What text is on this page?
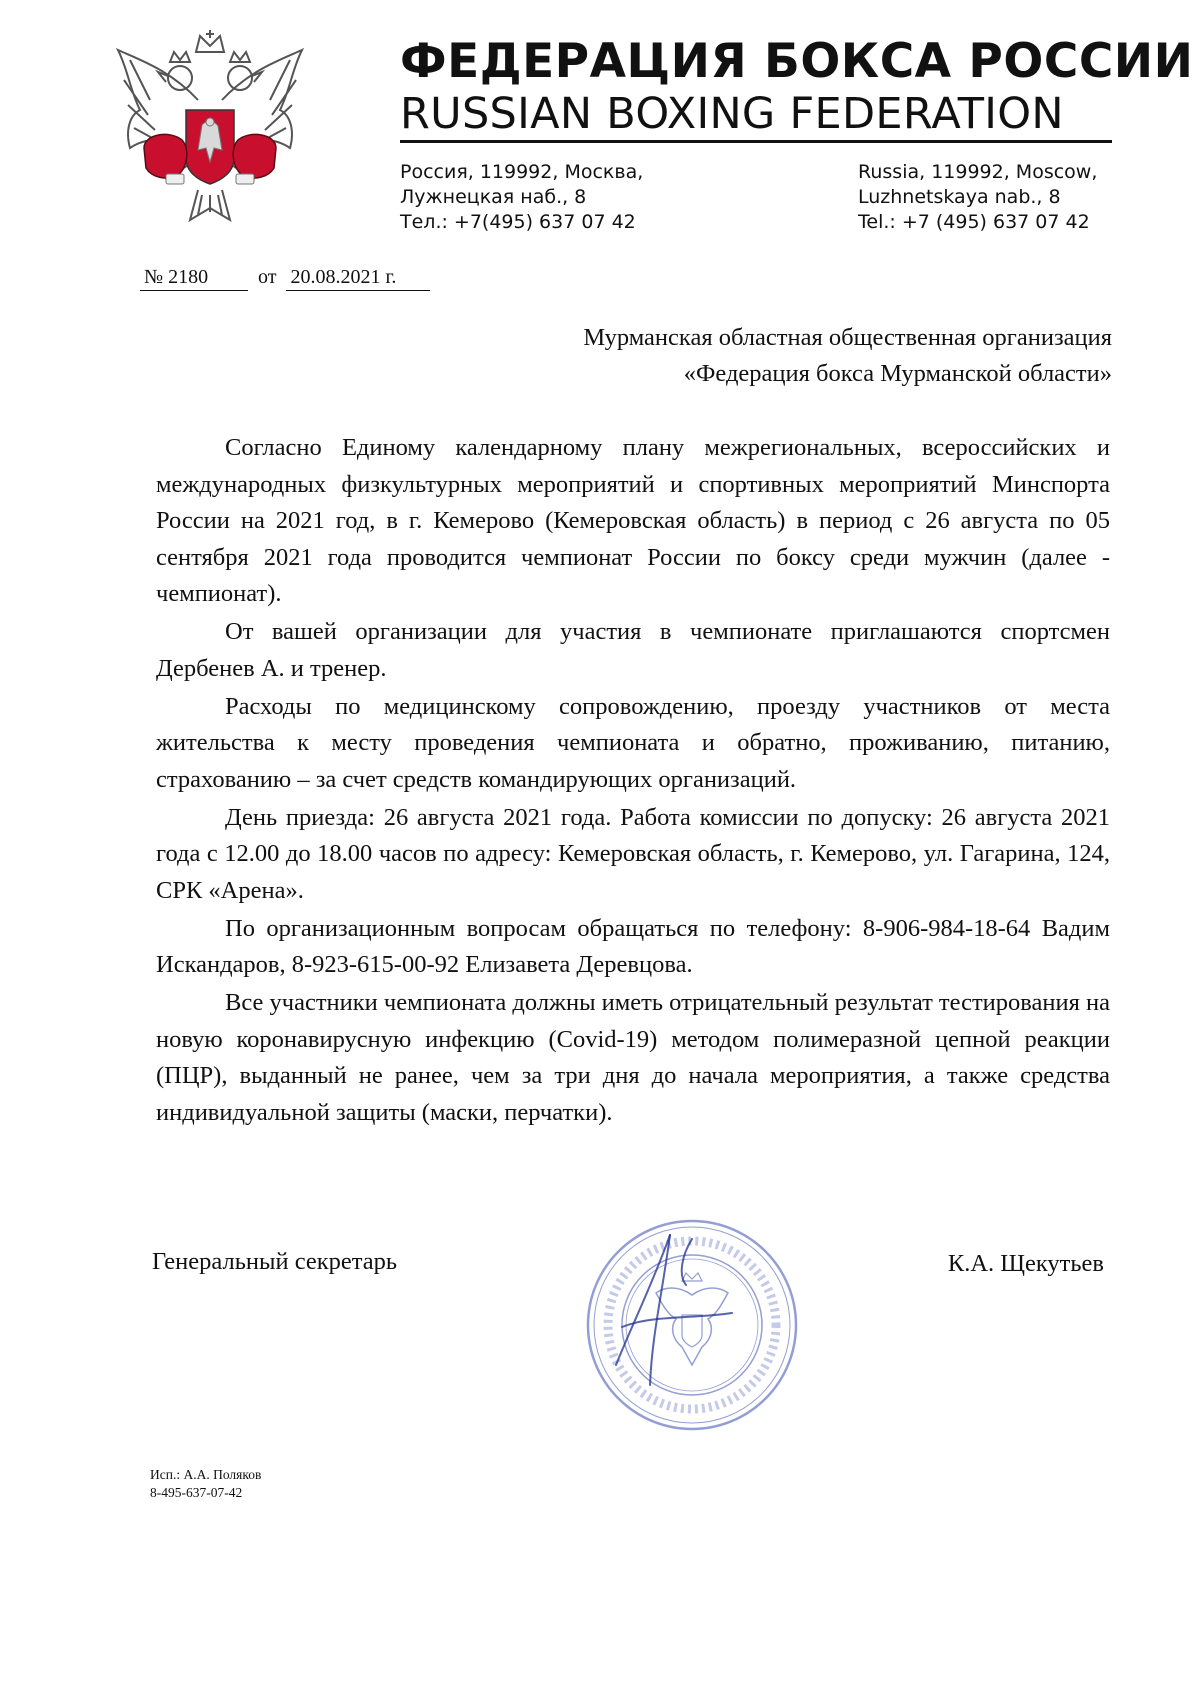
ФЕДЕРАЦИЯ БОКСА РОССИИ
RUSSIAN BOXING FEDERATION
Россия, 119992, Москва,
Лужнецкая наб., 8
Тел.: +7(495) 637 07 42
Russia, 119992, Moscow,
Luzhnetskaya nab., 8
Tel.: +7 (495) 637 07 42
№ 2180 от 20.08.2021 г.
Мурманская областная общественная организация
«Федерация бокса Мурманской области»

Согласно Единому календарному плану межрегиональных, всероссийских и международных физкультурных мероприятий и спортивных мероприятий Минспорта России на 2021 год, в г. Кемерово (Кемеровская область) в период с 26 августа по 05 сентября 2021 года проводится чемпионат России по боксу среди мужчин (далее - чемпионат).

От вашей организации для участия в чемпионате приглашаются спортсмен Дербенев А. и тренер.

Расходы по медицинскому сопровождению, проезду участников от места жительства к месту проведения чемпионата и обратно, проживанию, питанию, страхованию – за счет средств командирующих организаций.

День приезда: 26 августа 2021 года. Работа комиссии по допуску: 26 августа 2021 года с 12.00 до 18.00 часов по адресу: Кемеровская область, г. Кемерово, ул. Гагарина, 124, СРК «Арена».

По организационным вопросам обращаться по телефону: 8-906-984-18-64 Вадим Искандаров, 8-923-615-00-92 Елизавета Деревцова.

Все участники чемпионата должны иметь отрицательный результат тестирования на новую коронавирусную инфекцию (Covid-19) методом полимеразной цепной реакции (ПЦР), выданный не ранее, чем за три дня до начала мероприятия, а также средства индивидуальной защиты (маски, перчатки).

Генеральный секретарь	К.А. Щекутьев
Исп.: А.А. Поляков
8-495-637-07-42
